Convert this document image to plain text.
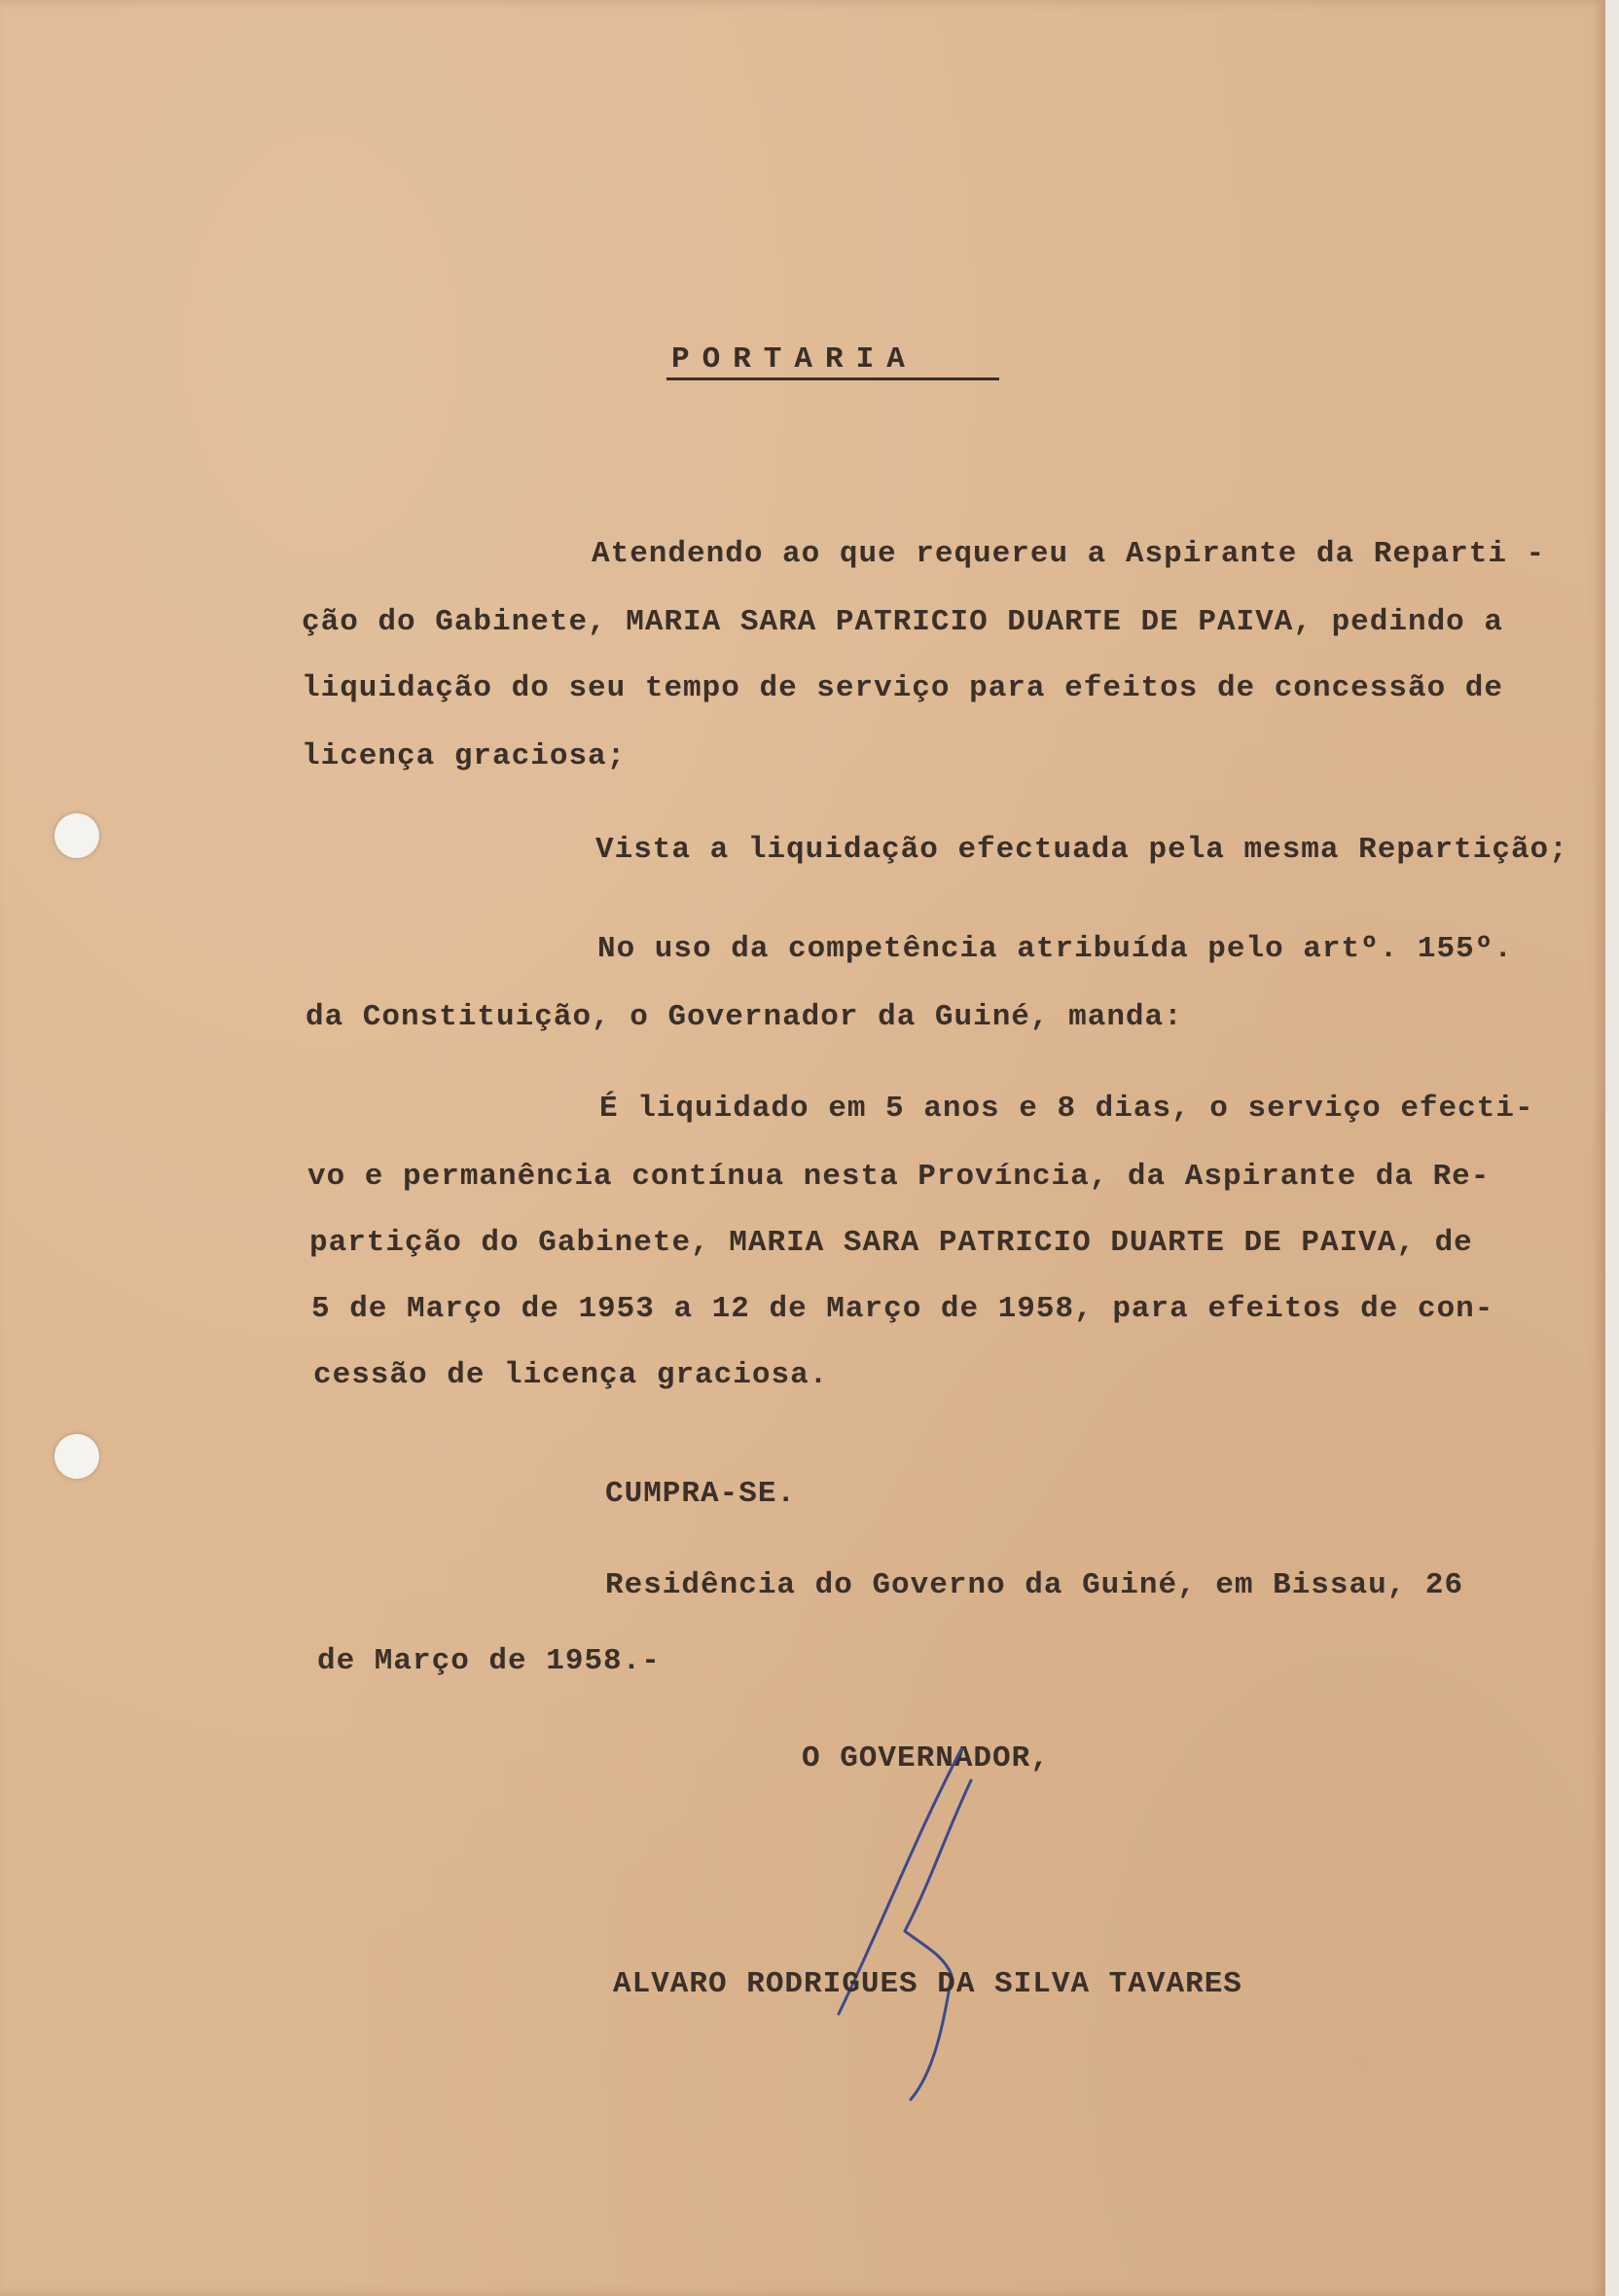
PORTARIA
Atendendo ao que requereu a Aspirante da Reparti -
ção do Gabinete, MARIA SARA PATRICIO DUARTE DE PAIVA, pedindo a
liquidação do seu tempo de serviço para efeitos de concessão de
licença graciosa;
Vista a liquidação efectuada pela mesma Repartição;
No uso da competência atribuída pelo artº. 155º.
da Constituição, o Governador da Guiné, manda:
É liquidado em 5 anos e 8 dias, o serviço efecti-
vo e permanência contínua nesta Província, da Aspirante da Re-
partição do Gabinete, MARIA SARA PATRICIO DUARTE DE PAIVA, de
5 de Março de 1953 a 12 de Março de 1958, para efeitos de con-
cessão de licença graciosa.
CUMPRA-SE.
Residência do Governo da Guiné, em Bissau, 26
de Março de 1958.-
O GOVERNADOR,
ALVARO RODRIGUES DA SILVA TAVARES
